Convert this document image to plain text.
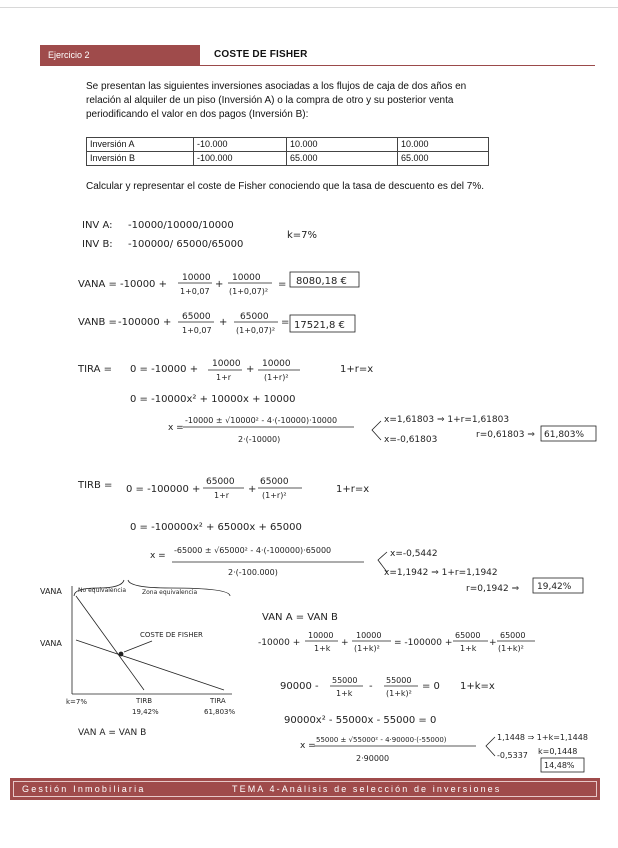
Ejercicio 2	COSTE DE FISHER
Se presentan las siguientes inversiones asociadas a los flujos de caja de dos años en relación al alquiler de un piso (Inversión A) o la compra de otro y su posterior venta periodificando el valor en dos pagos (Inversión B):
Inversión A	-10.000	10.000	10.000
Inversión B	-100.000	65.000	65.000
Calcular y representar el coste de Fisher conociendo que la tasa de descuento es del 7%.
INV A: -10000/10000/10000
INV B: -100000/ 65000/65000
k=7%
VANA = -10000 +
10000
1+0,07
10000
(1+0,07)²
+	= 8080,18 €
VANB = -100000 + 65000
1+0,07
65000
(1+0,07)²
+	= 17521,8 €
TIRA = 0 = -10000 + 10000
1+r
10000
(1+r)²
+	1+r=x
0 = -10000x² + 10000x + 10000
x =
-10000 ± √10000² - 4·(-10000)·10000
2·(-10000)
x=1,61803 ⇒ 1+r=1,61803
x=-0,61803	r=0,61803 ⇒ 61,803%
TIRB = 0 = -100000 +
65000
1+r
65000
(1+r)²
+	1+r=x
0 = -100000x² + 65000x + 65000
x =
-65000 ± √65000² - 4·(-100000)·65000
2·(-100.000)
x=-0,5442
x=1,1942 ⇒ 1+r=1,1942
r=0,1942 ⇒ 19,42%
VANA
VANA
No equivalencia	Zona equivalencia
COSTE DE FISHER
k=7%	TIRB
19,42%
TIRA
61,803%
VAN A = VAN B
VAN A = VAN B
-10000 +
10000
1+k
10000
(1+k)²
+	= -100000 +
65000
1+k
65000
(1+k)²
+
90000 -
55000
1+k
55000
(1+k)²
-	= 0 1+k=x
90000x² - 55000x - 55000 = 0
x =
55000 ± √55000² - 4·90000·(-55000)
2·90000
1,1448 ⇒ 1+k=1,1448
-0,5337 k=0,1448
14,48%
Gestión Inmobiliaria	TEMA 4-Análisis de selección de inversiones
